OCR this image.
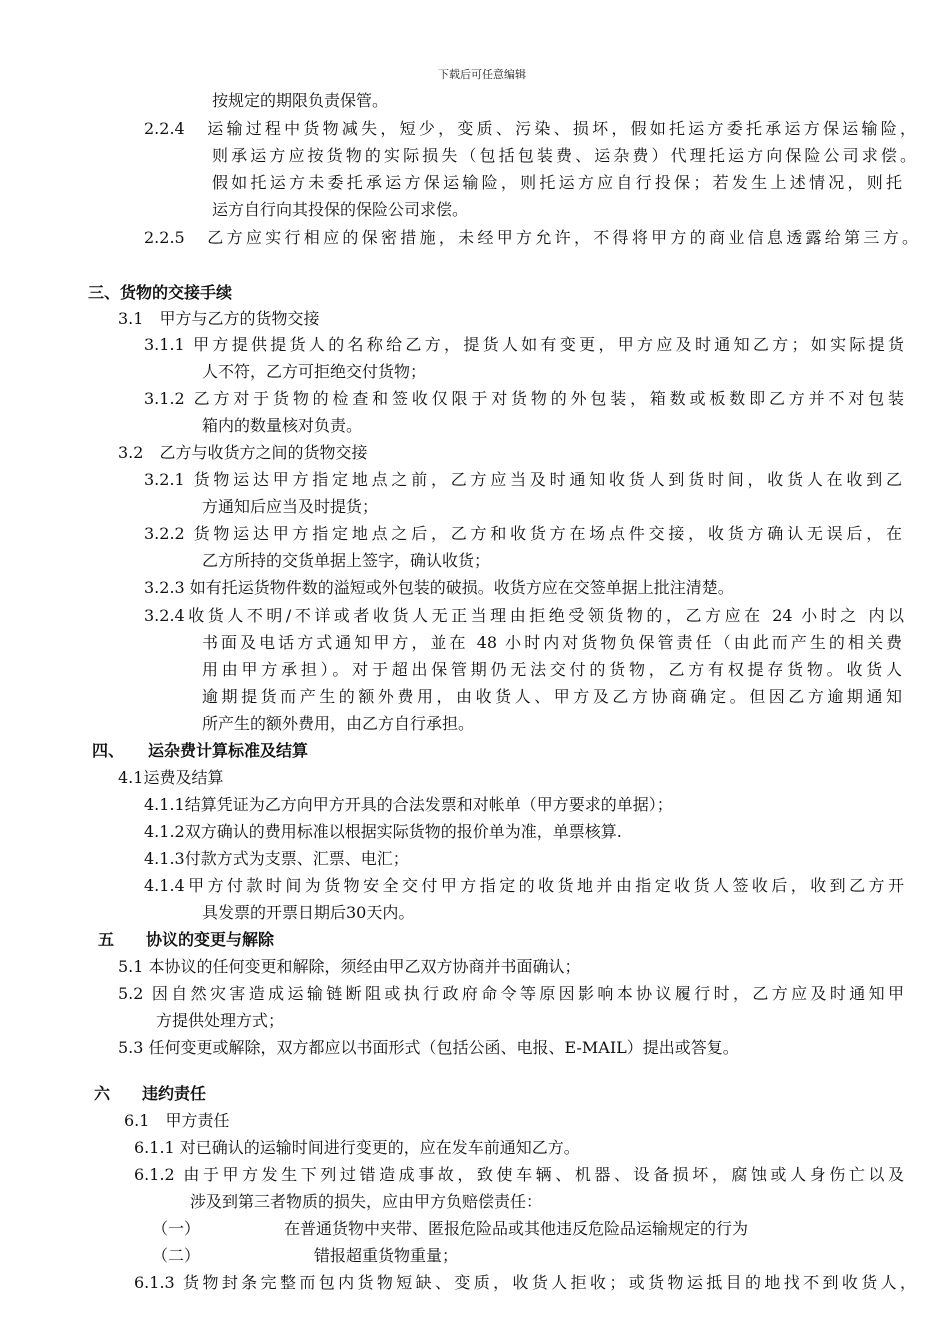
下载后可任意编辑
按规定的期限负责保管。
2.2.4　运输过程中货物减失，短少，变质、污染、损坏，假如托运方委托承运方保运输险，
则承运方应按货物的实际损失（包括包装费、运杂费）代理托运方向保险公司求偿。
假如托运方未委托承运方保运输险，则托运方应自行投保；若发生上述情况，则托
运方自行向其投保的保险公司求偿。
2.2.5　乙方应实行相应的保密措施，未经甲方允许，不得将甲方的商业信息透露给第三方。
三、货物的交接手续
3.1　甲方与乙方的货物交接
3.1.1 甲方提供提货人的名称给乙方，提货人如有变更，甲方应及时通知乙方；如实际提货
人不符，乙方可拒绝交付货物；
3.1.2 乙方对于货物的检查和签收仅限于对货物的外包装，箱数或板数即乙方并不对包装
箱内的数量核对负责。
3.2　乙方与收货方之间的货物交接
3.2.1 货物运达甲方指定地点之前，乙方应当及时通知收货人到货时间，收货人在收到乙
方通知后应当及时提货；
3.2.2 货物运达甲方指定地点之后，乙方和收货方在场点件交接，收货方确认无误后，在
乙方所持的交货单据上签字，确认收货；
3.2.3 如有托运货物件数的溢短或外包装的破损。收货方应在交签单据上批注清楚。
3.2.4收货人不明/不详或者收货人无正当理由拒绝受领货物的，乙方应在 24 小时之 内以
书面及电话方式通知甲方，並在 48 小时内对货物负保管责任（由此而产生的相关费
用由甲方承担）。对于超出保管期仍无法交付的货物，乙方有权提存货物。收货人
逾期提货而产生的额外费用，由收货人、甲方及乙方协商确定。但因乙方逾期通知
所产生的额外费用，由乙方自行承担。
四、　　运杂费计算标准及结算
4.1运费及结算
4.1.1结算凭证为乙方向甲方开具的合法发票和对帐单（甲方要求的单据）；
4.1.2双方确认的费用标准以根据实际货物的报价单为准，单票核算.
4.1.3付款方式为支票、汇票、电汇；
4.1.4甲方付款时间为货物安全交付甲方指定的收货地并由指定收货人签收后，收到乙方开
具发票的开票日期后30天内。
五　　协议的变更与解除
5.1 本协议的任何变更和解除，须经由甲乙双方协商并书面确认；
5.2 因自然灾害造成运输链断阻或执行政府命令等原因影响本协议履行时，乙方应及时通知甲
方提供处理方式；
5.3 任何变更或解除，双方都应以书面形式（包括公函、电报、E-MAIL）提出或答复。
六　　违约责任
6.1　甲方责任
6.1.1 对已确认的运输时间进行变更的，应在发车前通知乙方。
6.1.2 由于甲方发生下列过错造成事故，致使车辆、机器、设备损坏，腐蚀或人身伤亡以及
涉及到第三者物质的损失，应由甲方负赔偿责任：
（一）	在普通货物中夹带、匿报危险品或其他违反危险品运输规定的行为
（二）	错报超重货物重量；
6.1.3 货物封条完整而包内货物短缺、变质，收货人拒收；或货物运抵目的地找不到收货人，
